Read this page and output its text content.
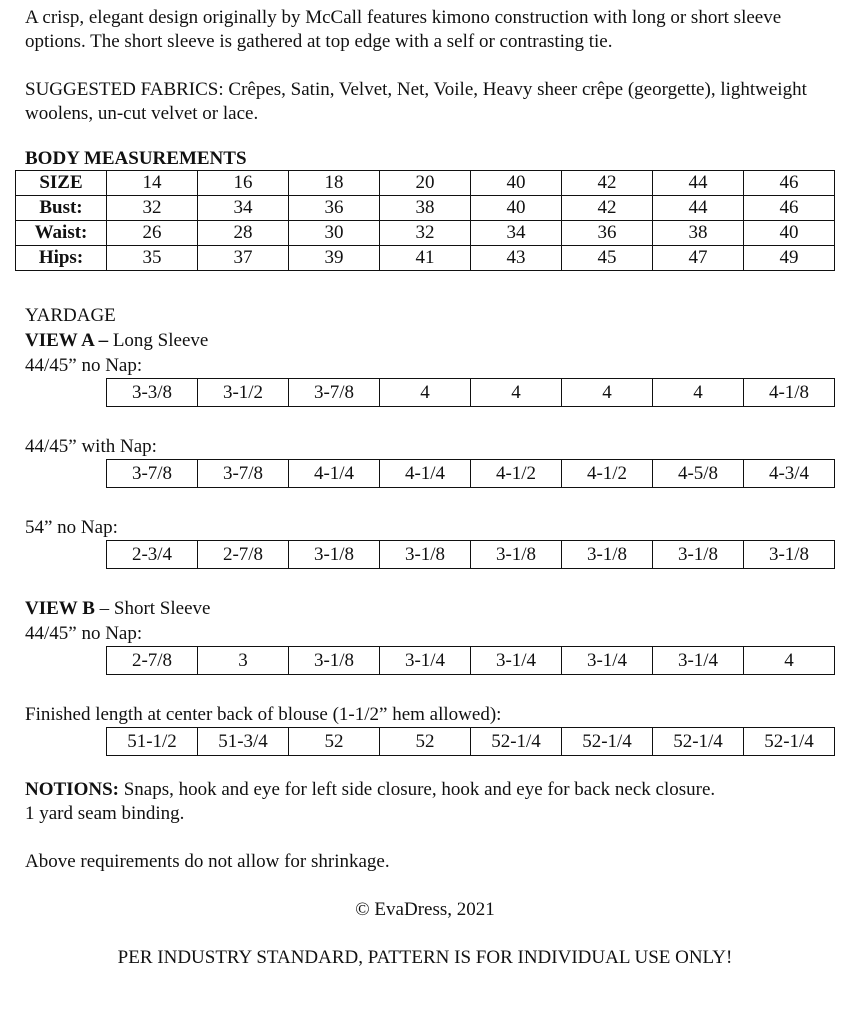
A crisp, elegant design originally by McCall features kimono construction with long or short sleeve options. The short sleeve is gathered at top edge with a self or contrasting tie.

SUGGESTED FABRICS: Crêpes, Satin, Velvet, Net, Voile, Heavy sheer crêpe (georgette), lightweight woolens, un-cut velvet or lace.

BODY MEASUREMENTS
SIZE	14	16	18	20	40	42	44	46
Bust:	32	34	36	38	40	42	44	46
Waist:	26	28	30	32	34	36	38	40
Hips:	35	37	39	41	43	45	47	49

YARDAGE

VIEW A – Long Sleeve

44/45” no Nap:

3-3/8	3-1/2	3-7/8	4	4	4	4	4-1/8

44/45” with Nap:

3-7/8	3-7/8	4-1/4	4-1/4	4-1/2	4-1/2	4-5/8	4-3/4

54” no Nap:

2-3/4	2-7/8	3-1/8	3-1/8	3-1/8	3-1/8	3-1/8	3-1/8

VIEW B – Short Sleeve

44/45” no Nap:

2-7/8	3	3-1/8	3-1/4	3-1/4	3-1/4	3-1/4	4

Finished length at center back of blouse (1-1/2” hem allowed):

51-1/2	51-3/4	52	52	52-1/4	52-1/4	52-1/4	52-1/4

NOTIONS: Snaps, hook and eye for left side closure, hook and eye for back neck closure.

1 yard seam binding.

Above requirements do not allow for shrinkage.

© EvaDress, 2021

PER INDUSTRY STANDARD, PATTERN IS FOR INDIVIDUAL USE ONLY!
